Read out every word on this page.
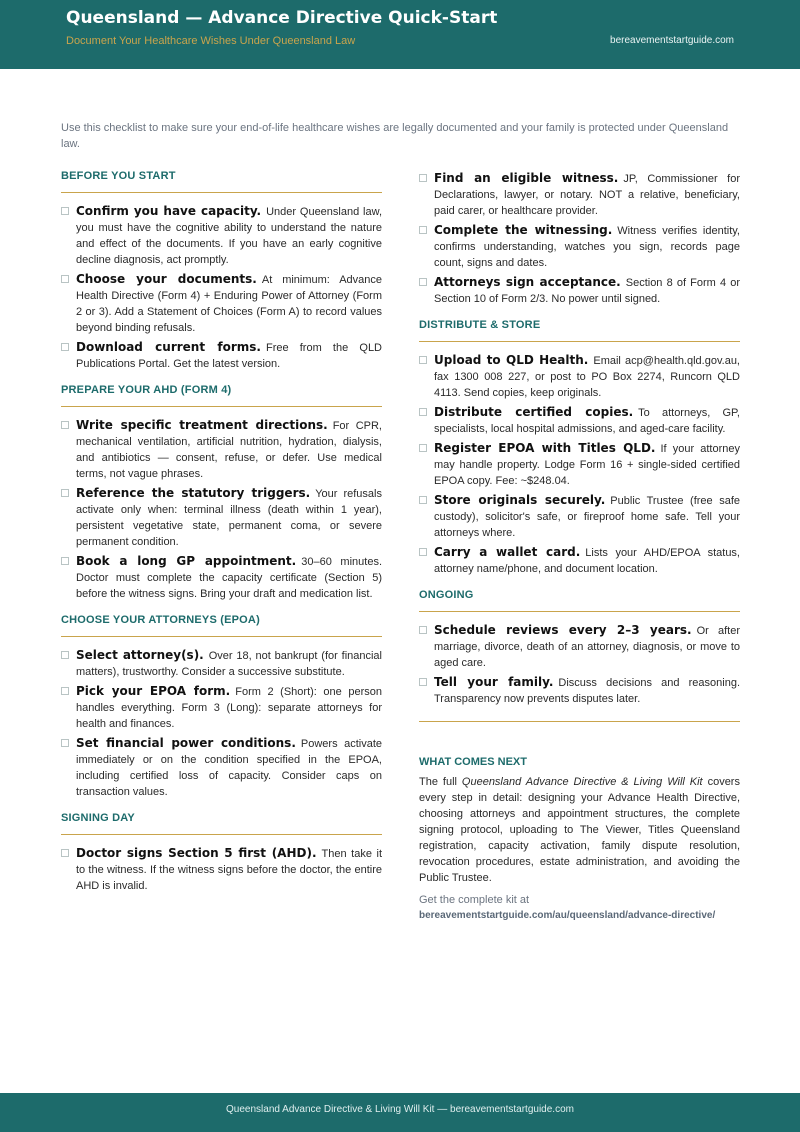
Queensland — Advance Directive Quick-Start
Document Your Healthcare Wishes Under Queensland Law	bereavementstartguide.com
Use this checklist to make sure your end-of-life healthcare wishes are legally documented and your family is protected under Queensland law.
BEFORE YOU START
Confirm you have capacity. Under Queensland law, you must have the cognitive ability to understand the nature and effect of the documents. If you have an early cognitive decline diagnosis, act promptly.
Choose your documents. At minimum: Advance Health Directive (Form 4) + Enduring Power of Attorney (Form 2 or 3). Add a Statement of Choices (Form A) to record values beyond binding refusals.
Download current forms. Free from the QLD Publications Portal. Get the latest version.
PREPARE YOUR AHD (FORM 4)
Write specific treatment directions. For CPR, mechanical ventilation, artificial nutrition, hydration, dialysis, and antibiotics — consent, refuse, or defer. Use medical terms, not vague phrases.
Reference the statutory triggers. Your refusals activate only when: terminal illness (death within 1 year), persistent vegetative state, permanent coma, or severe permanent condition.
Book a long GP appointment. 30–60 minutes. Doctor must complete the capacity certificate (Section 5) before the witness signs. Bring your draft and medication list.
CHOOSE YOUR ATTORNEYS (EPOA)
Select attorney(s). Over 18, not bankrupt (for financial matters), trustworthy. Consider a successive substitute.
Pick your EPOA form. Form 2 (Short): one person handles everything. Form 3 (Long): separate attorneys for health and finances.
Set financial power conditions. Powers activate immediately or on the condition specified in the EPOA, including certified loss of capacity. Consider caps on transaction values.
SIGNING DAY
Doctor signs Section 5 first (AHD). Then take it to the witness. If the witness signs before the doctor, the entire AHD is invalid.
Find an eligible witness. JP, Commissioner for Declarations, lawyer, or notary. NOT a relative, beneficiary, paid carer, or healthcare provider.
Complete the witnessing. Witness verifies identity, confirms understanding, watches you sign, records page count, signs and dates.
Attorneys sign acceptance. Section 8 of Form 4 or Section 10 of Form 2/3. No power until signed.
DISTRIBUTE & STORE
Upload to QLD Health. Email acp@health.qld.gov.au, fax 1300 008 227, or post to PO Box 2274, Runcorn QLD 4113. Send copies, keep originals.
Distribute certified copies. To attorneys, GP, specialists, local hospital admissions, and aged-care facility.
Register EPOA with Titles QLD. If your attorney may handle property. Lodge Form 16 + single-sided certified EPOA copy. Fee: ~$248.04.
Store originals securely. Public Trustee (free safe custody), solicitor's safe, or fireproof home safe. Tell your attorneys where.
Carry a wallet card. Lists your AHD/EPOA status, attorney name/phone, and document location.
ONGOING
Schedule reviews every 2–3 years. Or after marriage, divorce, death of an attorney, diagnosis, or move to aged care.
Tell your family. Discuss decisions and reasoning. Transparency now prevents disputes later.
WHAT COMES NEXT
The full Queensland Advance Directive & Living Will Kit covers every step in detail: designing your Advance Health Directive, choosing attorneys and appointment structures, the complete signing protocol, uploading to The Viewer, Titles Queensland registration, capacity activation, family dispute resolution, revocation procedures, estate administration, and avoiding the Public Trustee.
Get the complete kit at
bereavementstartguide.com/au/queensland/advance-directive/
Queensland Advance Directive & Living Will Kit — bereavementstartguide.com
